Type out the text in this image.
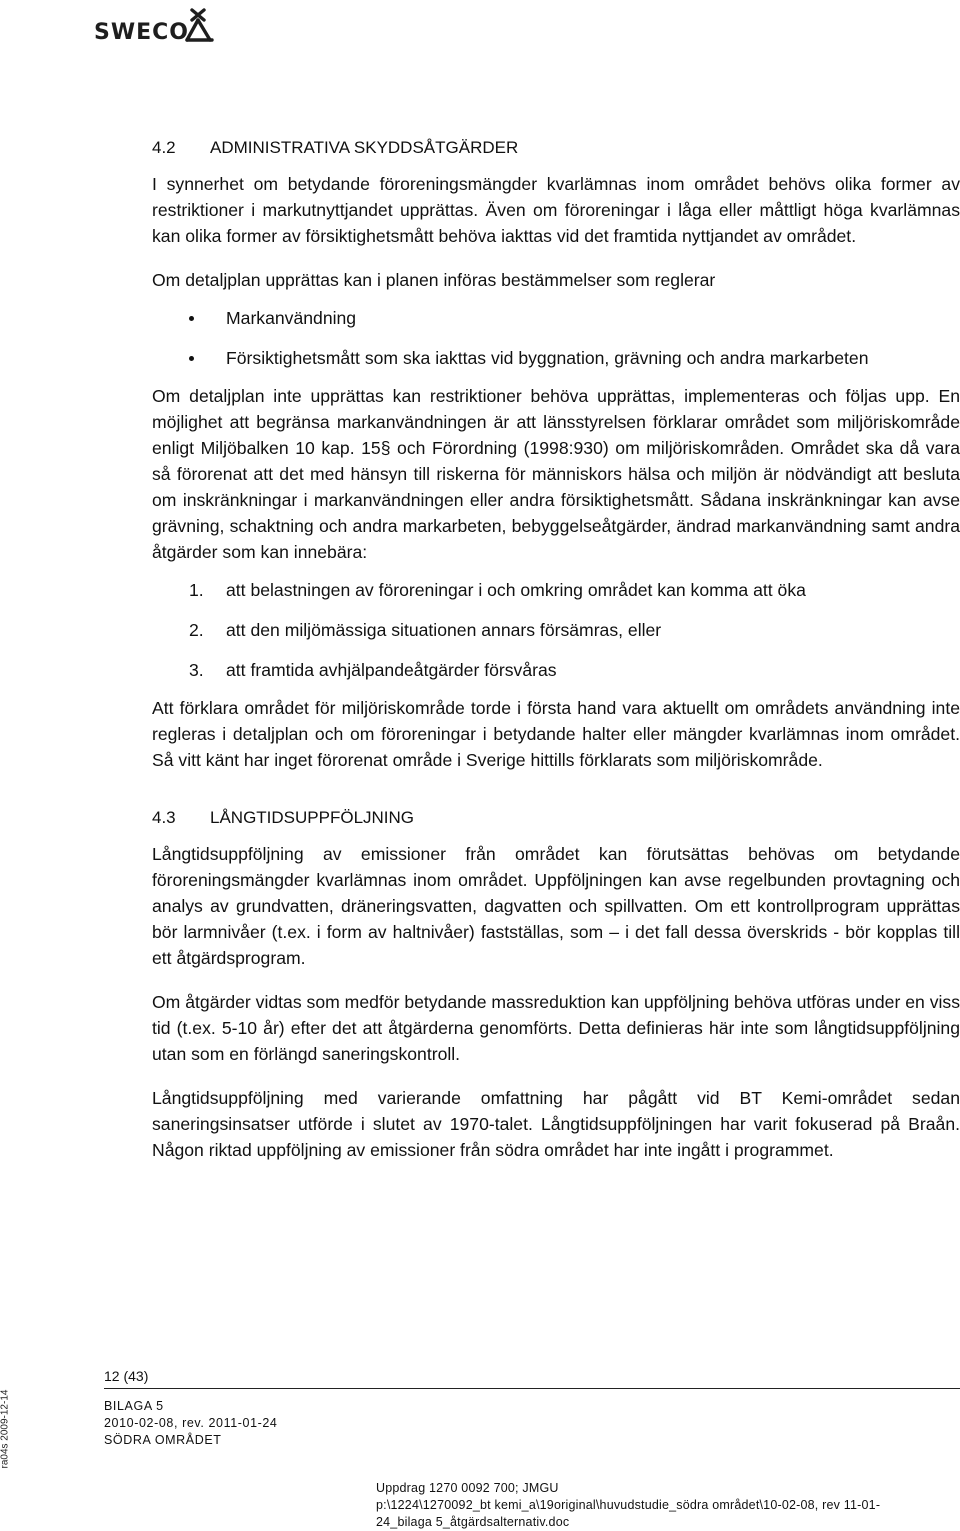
SWECO
4.2 ADMINISTRATIVA SKYDDSÅTGÄRDER

I synnerhet om betydande föroreningsmängder kvarlämnas inom området behövs olika former av restriktioner i markutnyttjandet upprättas. Även om föroreningar i låga eller måttligt höga kvarlämnas kan olika former av försiktighetsmått behöva iakttas vid det framtida nyttjandet av området.

Om detaljplan upprättas kan i planen införas bestämmelser som reglerar

Markanvändning
Försiktighetsmått som ska iakttas vid byggnation, grävning och andra markarbeten

Om detaljplan inte upprättas kan restriktioner behöva upprättas, implementeras och följas upp. En möjlighet att begränsa markanvändningen är att länsstyrelsen förklarar området som miljöriskområde enligt Miljöbalken 10 kap. 15§ och Förordning (1998:930) om miljöriskområden. Området ska då vara så förorenat att det med hänsyn till riskerna för människors hälsa och miljön är nödvändigt att besluta om inskränkningar i markanvändningen eller andra försiktighetsmått. Sådana inskränkningar kan avse grävning, schaktning och andra markarbeten, bebyggelseåtgärder, ändrad markanvändning samt andra åtgärder som kan innebära:

1. att belastningen av föroreningar i och omkring området kan komma att öka
2. att den miljömässiga situationen annars försämras, eller
3. att framtida avhjälpandeåtgärder försvåras

Att förklara området för miljöriskområde torde i första hand vara aktuellt om områdets användning inte regleras i detaljplan och om föroreningar i betydande halter eller mängder kvarlämnas inom området. Så vitt känt har inget förorenat område i Sverige hittills förklarats som miljöriskområde.

4.3 LÅNGTIDSUPPFÖLJNING

Långtidsuppföljning av emissioner från området kan förutsättas behövas om betydande föroreningsmängder kvarlämnas inom området. Uppföljningen kan avse regelbunden provtagning och analys av grundvatten, dräneringsvatten, dagvatten och spillvatten. Om ett kontrollprogram upprättas bör larmnivåer (t.ex. i form av haltnivåer) fastställas, som – i det fall dessa överskrids - bör kopplas till ett åtgärdsprogram.

Om åtgärder vidtas som medför betydande massreduktion kan uppföljning behöva utföras under en viss tid (t.ex. 5-10 år) efter det att åtgärderna genomförts. Detta definieras här inte som långtidsuppföljning utan som en förlängd saneringskontroll.

Långtidsuppföljning med varierande omfattning har pågått vid BT Kemi-området sedan saneringsinsatser utförde i slutet av 1970-talet. Långtidsuppföljningen har varit fokuserad på Braån. Någon riktad uppföljning av emissioner från södra området har inte ingått i programmet.

ra04s 2009-12-14
12 (43)
BILAGA 5
2010-02-08, rev. 2011-01-24
SÖDRA OMRÅDET
Uppdrag 1270 0092 700; JMGU
p:\1224\1270092_bt kemi_a\19original\huvudstudie_södra området\10-02-08, rev 11-01-
24_bilaga 5_åtgärdsalternativ.doc
